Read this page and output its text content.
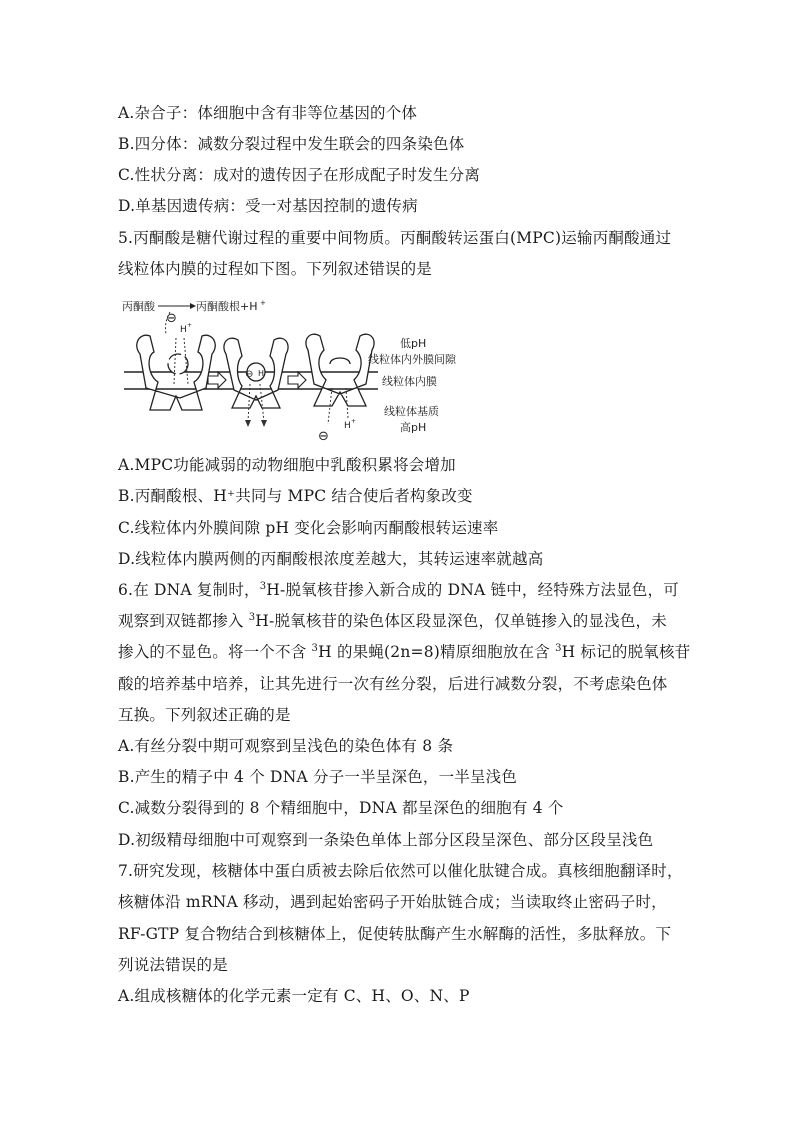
A.杂合子：体细胞中含有非等位基因的个体
B.四分体：减数分裂过程中发生联会的四条染色体
C.性状分离：成对的遗传因子在形成配子时发生分离
D.单基因遗传病：受一对基因控制的遗传病
5.丙酮酸是糖代谢过程的重要中间物质。丙酮酸转运蛋白(MPC)运输丙酮酸通过
线粒体内膜的过程如下图。下列叙述错误的是
丙酮酸	丙酮酸根+H +
⊖
H +
⊖ H
⊖
H +
低pH
线粒体内外膜间隙
线粒体内膜
线粒体基质
高pH
A.MPC功能减弱的动物细胞中乳酸积累将会增加
B.丙酮酸根、H⁺共同与 MPC 结合使后者构象改变
C.线粒体内外膜间隙 pH 变化会影响丙酮酸根转运速率
D.线粒体内膜两侧的丙酮酸根浓度差越大，其转运速率就越高
6.在 DNA 复制时，$^3$H-脱氧核苷掺入新合成的 DNA 链中，经特殊方法显色，可
观察到双链都掺入 $^3$H-脱氧核苷的染色体区段显深色，仅单链掺入的显浅色，未
掺入的不显色。将一个不含 $^3$H 的果蝇(2n=8)精原细胞放在含 $^3$H 标记的脱氧核苷
酸的培养基中培养，让其先进行一次有丝分裂，后进行减数分裂，不考虑染色体
互换。下列叙述正确的是
A.有丝分裂中期可观察到呈浅色的染色体有 8 条
B.产生的精子中 4 个 DNA 分子一半呈深色，一半呈浅色
C.减数分裂得到的 8 个精细胞中，DNA 都呈深色的细胞有 4 个
D.初级精母细胞中可观察到一条染色单体上部分区段呈深色、部分区段呈浅色
7.研究发现，核糖体中蛋白质被去除后依然可以催化肽键合成。真核细胞翻译时，
核糖体沿 mRNA 移动，遇到起始密码子开始肽链合成；当读取终止密码子时，
RF-GTP 复合物结合到核糖体上，促使转肽酶产生水解酶的活性，多肽释放。下
列说法错误的是
A.组成核糖体的化学元素一定有 C、H、O、N、P
